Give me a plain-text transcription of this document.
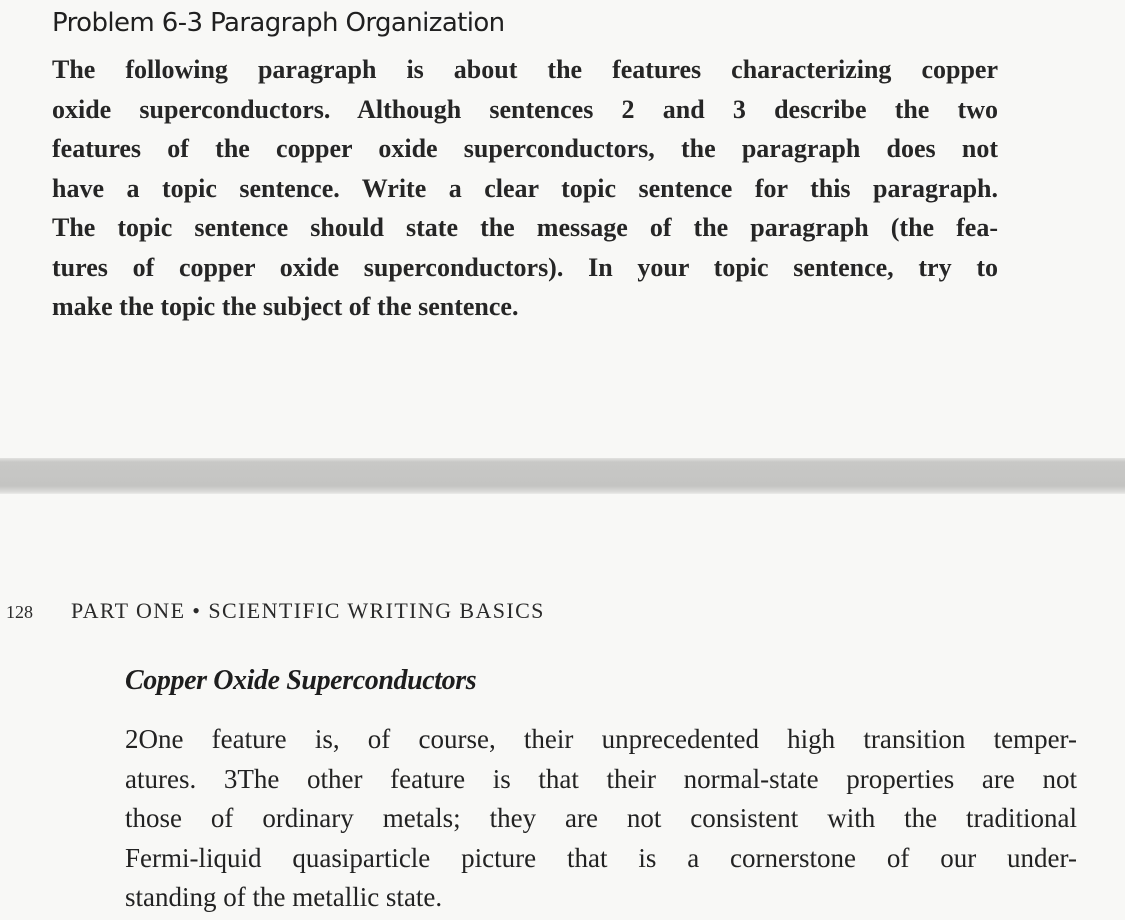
Problem 6-3 Paragraph Organization

The following paragraph is about the features characterizing copper
oxide superconductors. Although sentences 2 and 3 describe the two
features of the copper oxide superconductors, the paragraph does not
have a topic sentence. Write a clear topic sentence for this paragraph.
The topic sentence should state the message of the paragraph (the fea-
tures of copper oxide superconductors). In your topic sentence, try to
make the topic the subject of the sentence.

128 PART ONE • SCIENTIFIC WRITING BASICS
Copper Oxide Superconductors

2One feature is, of course, their unprecedented high transition temper-
atures. 3The other feature is that their normal-state properties are not
those of ordinary metals; they are not consistent with the traditional
Fermi-liquid quasiparticle picture that is a cornerstone of our under-
standing of the metallic state.
